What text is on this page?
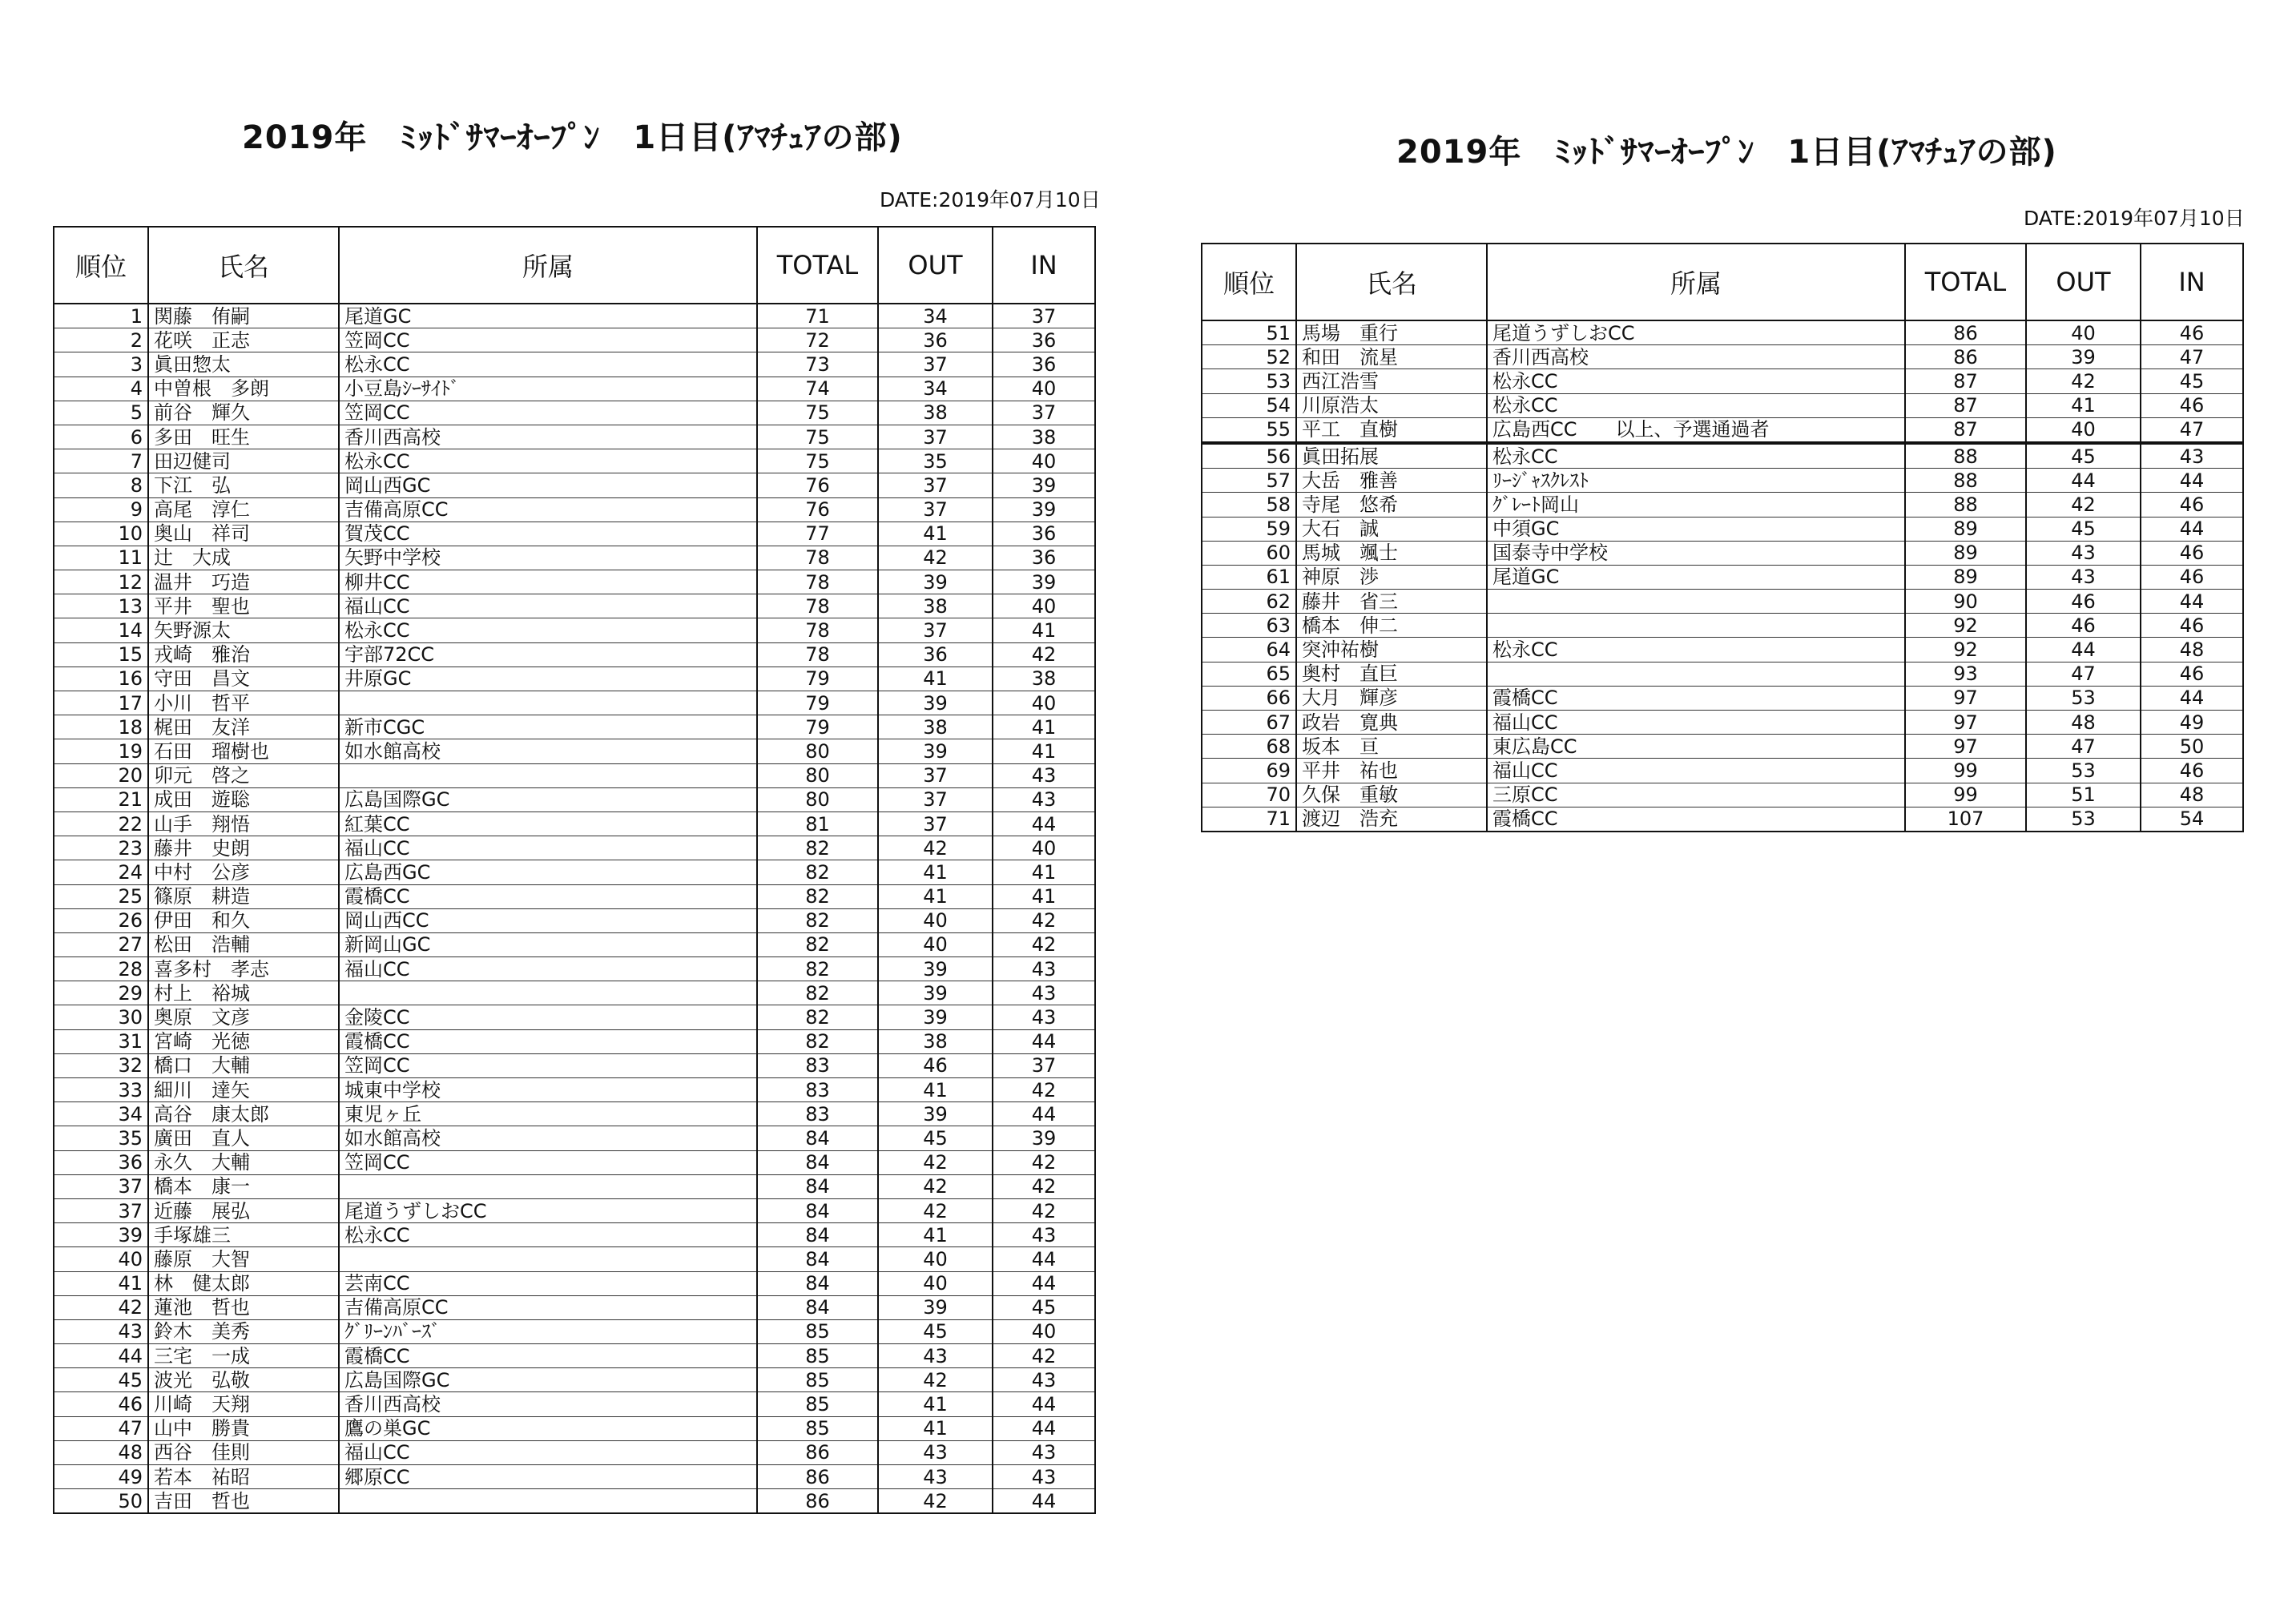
2019年　ﾐｯﾄﾞｻﾏｰｵｰﾌﾟﾝ　1日目(ｱﾏﾁｭｱの部)
DATE:2019年07月10日
順位	氏名	所属	TOTAL	OUT	IN
1	関藤　侑嗣	尾道GC	71	34	37
2	花咲　正志	笠岡CC	72	36	36
3	眞田惣太	松永CC	73	37	36
4	中曽根　多朗	小豆島ｼｰｻｲﾄﾞ	74	34	40
5	前谷　輝久	笠岡CC	75	38	37
6	多田　旺生	香川西高校	75	37	38
7	田辺健司	松永CC	75	35	40
8	下江　弘	岡山西GC	76	37	39
9	高尾　淳仁	吉備高原CC	76	37	39
10	奥山　祥司	賀茂CC	77	41	36
11	辻　大成	矢野中学校	78	42	36
12	温井　巧造	柳井CC	78	39	39
13	平井　聖也	福山CC	78	38	40
14	矢野源太	松永CC	78	37	41
15	戎崎　雅治	宇部72CC	78	36	42
16	守田　昌文	井原GC	79	41	38
17	小川　哲平		79	39	40
18	梶田　友洋	新市CGC	79	38	41
19	石田　瑠樹也	如水館高校	80	39	41
20	卯元　啓之		80	37	43
21	成田　遊聡	広島国際GC	80	37	43
22	山手　翔悟	紅葉CC	81	37	44
23	藤井　史朗	福山CC	82	42	40
24	中村　公彦	広島西GC	82	41	41
25	篠原　耕造	霞橋CC	82	41	41
26	伊田　和久	岡山西CC	82	40	42
27	松田　浩輔	新岡山GC	82	40	42
28	喜多村　孝志	福山CC	82	39	43
29	村上　裕城		82	39	43
30	奥原　文彦	金陵CC	82	39	43
31	宮崎　光徳	霞橋CC	82	38	44
32	橋口　大輔	笠岡CC	83	46	37
33	細川　達矢	城東中学校	83	41	42
34	高谷　康太郎	東児ヶ丘	83	39	44
35	廣田　直人	如水館高校	84	45	39
36	永久　大輔	笠岡CC	84	42	42
37	橋本　康一		84	42	42
37	近藤　展弘	尾道うずしおCC	84	42	42
39	手塚雄三	松永CC	84	41	43
40	藤原　大智		84	40	44
41	林　健太郎	芸南CC	84	40	44
42	蓮池　哲也	吉備高原CC	84	39	45
43	鈴木　美秀	ｸﾞﾘｰﾝﾊﾞｰｽﾞ	85	45	40
44	三宅　一成	霞橋CC	85	43	42
45	波光　弘敬	広島国際GC	85	42	43
46	川崎　天翔	香川西高校	85	41	44
47	山中　勝貴	鷹の巣GC	85	41	44
48	西谷　佳則	福山CC	86	43	43
49	若本　祐昭	郷原CC	86	43	43
50	吉田　哲也		86	42	44
2019年　ﾐｯﾄﾞｻﾏｰｵｰﾌﾟﾝ　1日目(ｱﾏﾁｭｱの部)
DATE:2019年07月10日
順位	氏名	所属	TOTAL	OUT	IN
51	馬場　重行	尾道うずしおCC	86	40	46
52	和田　流星	香川西高校	86	39	47
53	西江浩雪	松永CC	87	42	45
54	川原浩太	松永CC	87	41	46
55	平工　直樹	広島西CC　　以上、予選通過者	87	40	47
56	眞田拓展	松永CC	88	45	43
57	大岳　雅善	ﾘｰｼﾞｬｽｸﾚｽﾄ	88	44	44
58	寺尾　悠希	ｸﾞﾚｰﾄ岡山	88	42	46
59	大石　誠	中須GC	89	45	44
60	馬城　颯士	国泰寺中学校	89	43	46
61	神原　渉	尾道GC	89	43	46
62	藤井　省三		90	46	44
63	橋本　伸二		92	46	46
64	突沖祐樹	松永CC	92	44	48
65	奥村　直巨		93	47	46
66	大月　輝彦	霞橋CC	97	53	44
67	政岩　寛典	福山CC	97	48	49
68	坂本　亘	東広島CC	97	47	50
69	平井　祐也	福山CC	99	53	46
70	久保　重敏	三原CC	99	51	48
71	渡辺　浩充	霞橋CC	107	53	54
